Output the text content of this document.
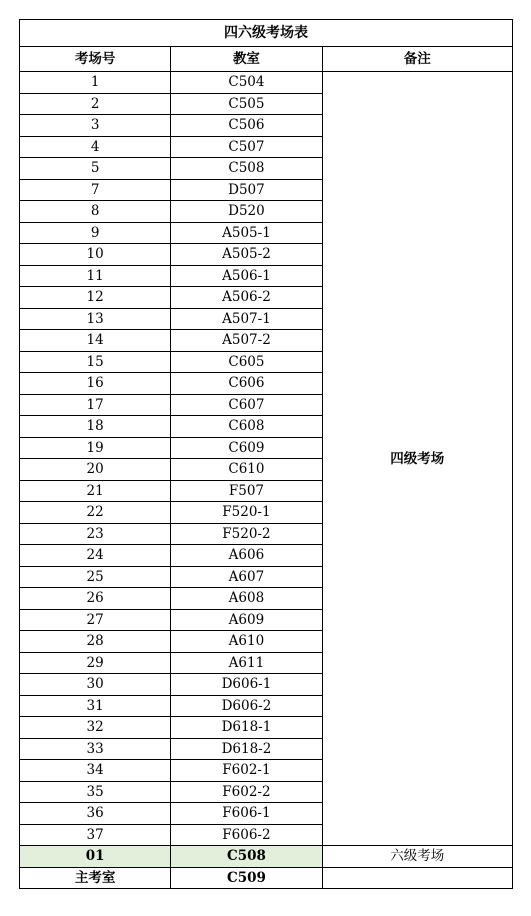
四六级考场表		
考场号	教室	备注
1	C504	四级考场
2	C505	
3	C506	
4	C507	
5	C508	
7	D507	
8	D520	
9	A505-1	
10	A505-2	
11	A506-1	
12	A506-2	
13	A507-1	
14	A507-2	
15	C605	
16	C606	
17	C607	
18	C608	
19	C609	
20	C610	
21	F507	
22	F520-1	
23	F520-2	
24	A606	
25	A607	
26	A608	
27	A609	
28	A610	
29	A611	
30	D606-1	
31	D606-2	
32	D618-1	
33	D618-2	
34	F602-1	
35	F602-2	
36	F606-1	
37	F606-2	
01	C508	六级考场
主考室	C509	
